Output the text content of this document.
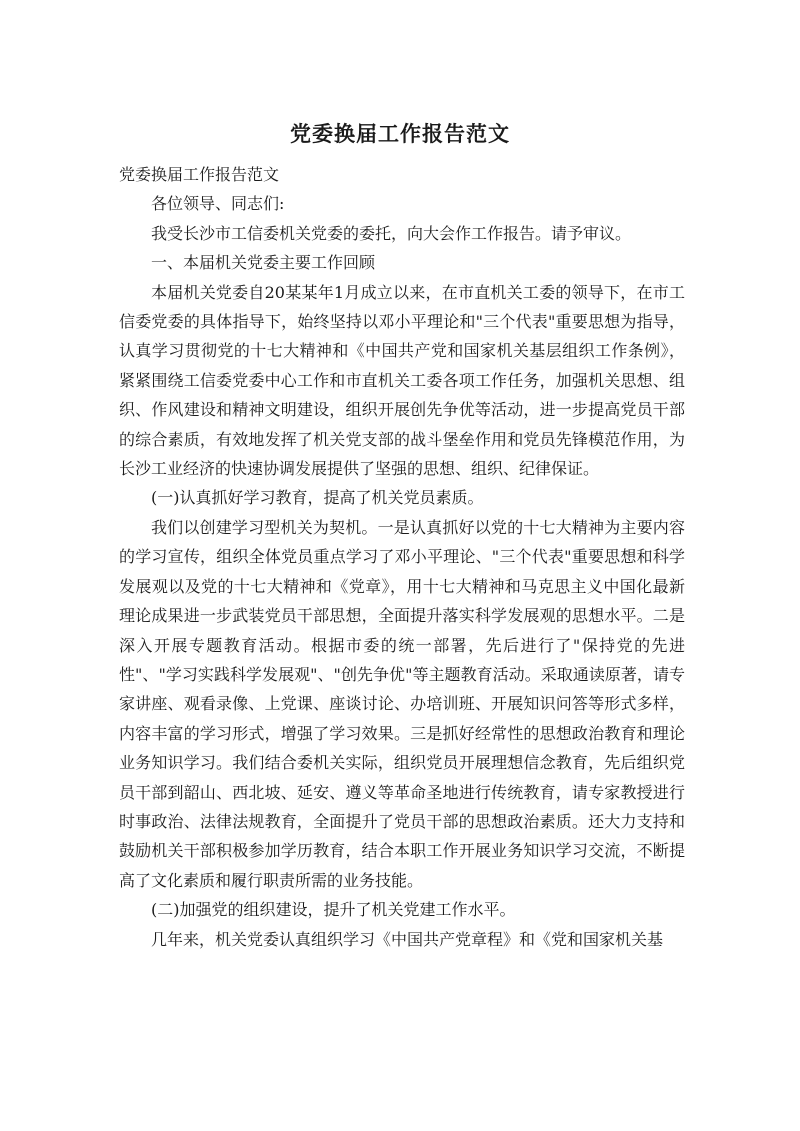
党委换届工作报告范文

党委换届工作报告范文

各位领导、同志们:

我受长沙市工信委机关党委的委托，向大会作工作报告。请予审议。

一、本届机关党委主要工作回顾

本届机关党委自20某某年1月成立以来，在市直机关工委的领导下，在市工信委党委的具体指导下，始终坚持以邓小平理论和"三个代表"重要思想为指导，认真学习贯彻党的十七大精神和《中国共产党和国家机关基层组织工作条例》，紧紧围绕工信委党委中心工作和市直机关工委各项工作任务，加强机关思想、组织、作风建设和精神文明建设，组织开展创先争优等活动，进一步提高党员干部的综合素质，有效地发挥了机关党支部的战斗堡垒作用和党员先锋模范作用，为长沙工业经济的快速协调发展提供了坚强的思想、组织、纪律保证。

(一)认真抓好学习教育，提高了机关党员素质。

我们以创建学习型机关为契机。一是认真抓好以党的十七大精神为主要内容的学习宣传，组织全体党员重点学习了邓小平理论、"三个代表"重要思想和科学发展观以及党的十七大精神和《党章》，用十七大精神和马克思主义中国化最新理论成果进一步武装党员干部思想，全面提升落实科学发展观的思想水平。二是深入开展专题教育活动。根据市委的统一部署，先后进行了"保持党的先进性"、"学习实践科学发展观"、"创先争优"等主题教育活动。采取通读原著，请专家讲座、观看录像、上党课、座谈讨论、办培训班、开展知识问答等形式多样，内容丰富的学习形式，增强了学习效果。三是抓好经常性的思想政治教育和理论业务知识学习。我们结合委机关实际，组织党员开展理想信念教育，先后组织党员干部到韶山、西北坡、延安、遵义等革命圣地进行传统教育，请专家教授进行时事政治、法律法规教育，全面提升了党员干部的思想政治素质。还大力支持和鼓励机关干部积极参加学历教育，结合本职工作开展业务知识学习交流，不断提高了文化素质和履行职责所需的业务技能。

(二)加强党的组织建设，提升了机关党建工作水平。

几年来，机关党委认真组织学习《中国共产党章程》和《党和国家机关基
